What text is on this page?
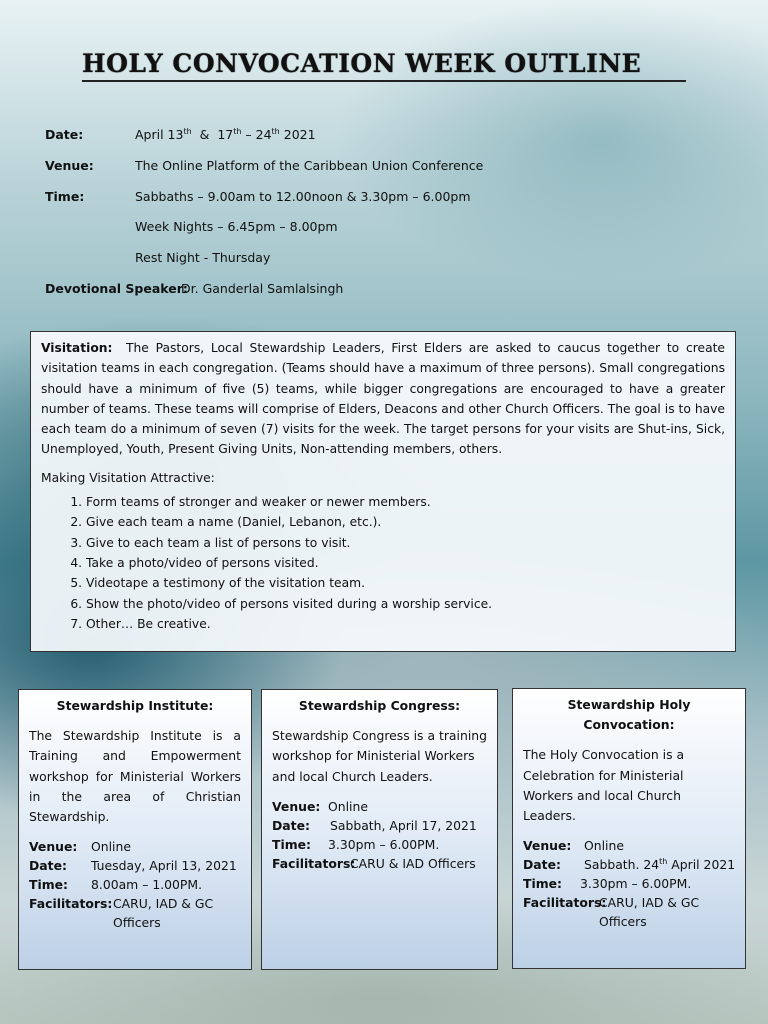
HOLY CONVOCATION WEEK OUTLINE
Date:	April 13th  &  17th – 24th 2021
Venue:	The Online Platform of the Caribbean Union Conference
Time:	Sabbaths – 9.00am to 12.00noon & 3.30pm – 6.00pm
Week Nights – 6.45pm – 8.00pm
Rest Night - Thursday
Devotional Speaker:
Dr. Ganderlal Samlalsingh

Visitation: The Pastors, Local Stewardship Leaders, First Elders are asked to caucus together to create visitation teams in each congregation. (Teams should have a maximum of three persons). Small congregations should have a minimum of five (5) teams, while bigger congregations are encouraged to have a greater number of teams. These teams will comprise of Elders, Deacons and other Church Officers. The goal is to have each team do a minimum of seven (7) visits for the week. The target persons for your visits are Shut-ins, Sick, Unemployed, Youth, Present Giving Units, Non-attending members, others.

Making Visitation Attractive:

1. Form teams of stronger and weaker or newer members.
2. Give each team a name (Daniel, Lebanon, etc.).
3. Give to each team a list of persons to visit.
4. Take a photo/video of persons visited.
5. Videotape a testimony of the visitation team.
6. Show the photo/video of persons visited during a worship service.
7. Other… Be creative.
Stewardship Institute:
The Stewardship Institute is a Training and Empowerment workshop for Ministerial Workers in the area of Christian Stewardship.
Venue: Online
Date: Tuesday, April 13, 2021
Time: 8.00am – 1.00PM.
Facilitators:CARU, IAD & GC
Officers
Stewardship Congress:
Stewardship Congress is a training workshop for Ministerial Workers and local Church Leaders.
Venue: Online
Date: Sabbath, April 17, 2021
Time: 3.30pm – 6.00PM.
Facilitators:CARU & IAD Officers
Stewardship Holy Convocation:
The Holy Convocation is a Celebration for Ministerial Workers and local Church Leaders.
Venue: Online
Date: Sabbath. 24th April 2021
Time: 3.30pm – 6.00PM.
Facilitators:CARU, IAD & GC
Officers
